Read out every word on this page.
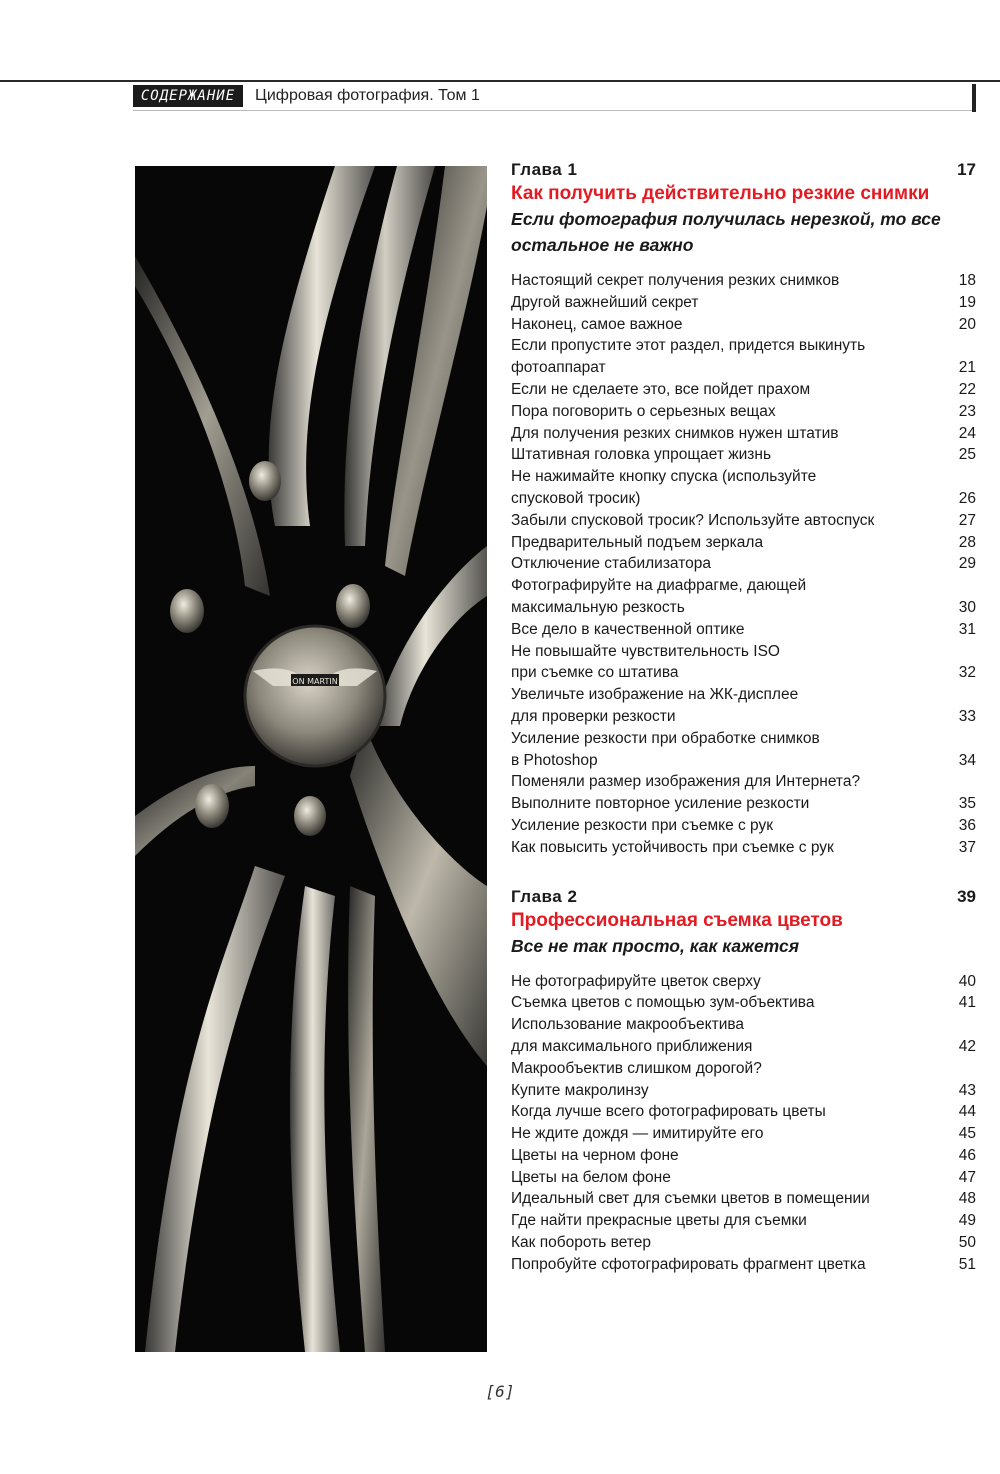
СОДЕРЖАНИЕ	Цифровая фотография. Том 1
ON MARTIN
Глава 1	17
Как получить действительно резкие снимки
Если фотография получилась нерезкой, то все
остальное не важно
Настоящий секрет получения резких снимков	18
Другой важнейший секрет	19
Наконец, самое важное	20
Если пропустите этот раздел, придется выкинуть
фотоаппарат	21
Если не сделаете это, все пойдет прахом	22
Пора поговорить о серьезных вещах	23
Для получения резких снимков нужен штатив	24
Штативная головка упрощает жизнь	25
Не нажимайте кнопку спуска (используйте
спусковой тросик)	26
Забыли спусковой тросик? Используйте автоспуск	27
Предварительный подъем зеркала	28
Отключение стабилизатора	29
Фотографируйте на диафрагме, дающей
максимальную резкость	30
Все дело в качественной оптике	31
Не повышайте чувствительность ISO
при съемке со штатива	32
Увеличьте изображение на ЖК-дисплее
для проверки резкости	33
Усиление резкости при обработке снимков
в Photoshop	34
Поменяли размер изображения для Интернета?
Выполните повторное усиление резкости	35
Усиление резкости при съемке с рук	36
Как повысить устойчивость при съемке с рук	37
Глава 2	39
Профессиональная съемка цветов
Все не так просто, как кажется
Не фотографируйте цветок сверху	40
Съемка цветов с помощью зум-объектива	41
Использование макрообъектива
для максимального приближения	42
Макрообъектив слишком дорогой?
Купите макролинзу	43
Когда лучше всего фотографировать цветы	44
Не ждите дождя — имитируйте его	45
Цветы на черном фоне	46
Цветы на белом фоне	47
Идеальный свет для съемки цветов в помещении	48
Где найти прекрасные цветы для съемки	49
Как побороть ветер	50
Попробуйте сфотографировать фрагмент цветка	51
[6]
